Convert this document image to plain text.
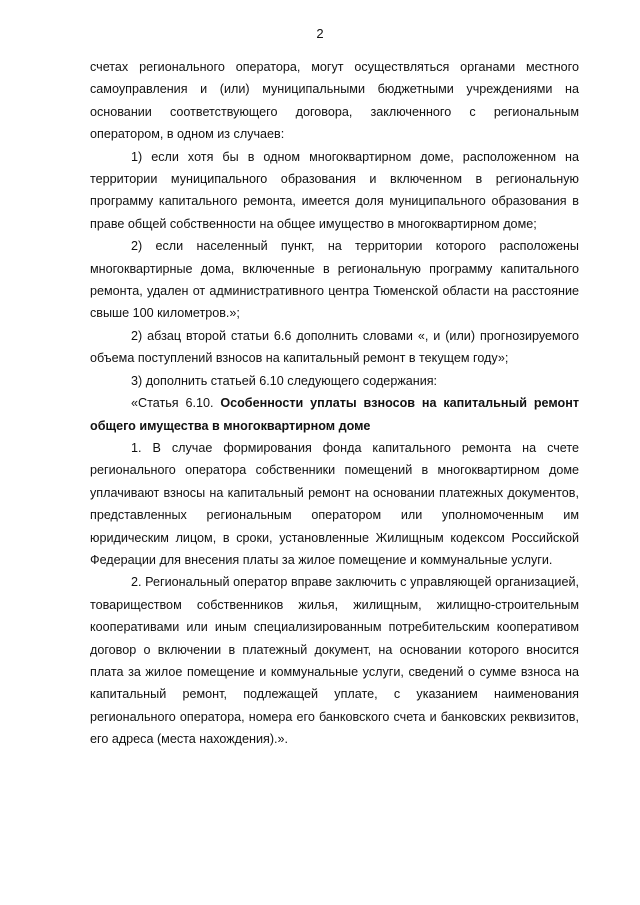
2

счетах регионального оператора, могут осуществляться органами местного самоуправления и (или) муниципальными бюджетными учреждениями на основании соответствующего договора, заключенного с региональным оператором, в одном из случаев:

1) если хотя бы в одном многоквартирном доме, расположенном на территории муниципального образования и включенном в региональную программу капитального ремонта, имеется доля муниципального образования в праве общей собственности на общее имущество в многоквартирном доме;

2) если населенный пункт, на территории которого расположены многоквартирные дома, включенные в региональную программу капитального ремонта, удален от административного центра Тюменской области на расстояние свыше 100 километров.»;

2) абзац второй статьи 6.6 дополнить словами «, и (или) прогнозируемого объема поступлений взносов на капитальный ремонт в текущем году»;

3) дополнить статьей 6.10 следующего содержания:

«Статья 6.10. Особенности уплаты взносов на капитальный ремонт общего имущества в многоквартирном доме

1. В случае формирования фонда капитального ремонта на счете регионального оператора собственники помещений в многоквартирном доме уплачивают взносы на капитальный ремонт на основании платежных документов, представленных региональным оператором или уполномоченным им юридическим лицом, в сроки, установленные Жилищным кодексом Российской Федерации для внесения платы за жилое помещение и коммунальные услуги.

2. Региональный оператор вправе заключить с управляющей организацией, товариществом собственников жилья, жилищным, жилищно-строительным кооперативами или иным специализированным потребительским кооперативом договор о включении в платежный документ, на основании которого вносится плата за жилое помещение и коммунальные услуги, сведений о сумме взноса на капитальный ремонт, подлежащей уплате, с указанием наименования регионального оператора, номера его банковского счета и банковских реквизитов, его адреса (места нахождения).».
